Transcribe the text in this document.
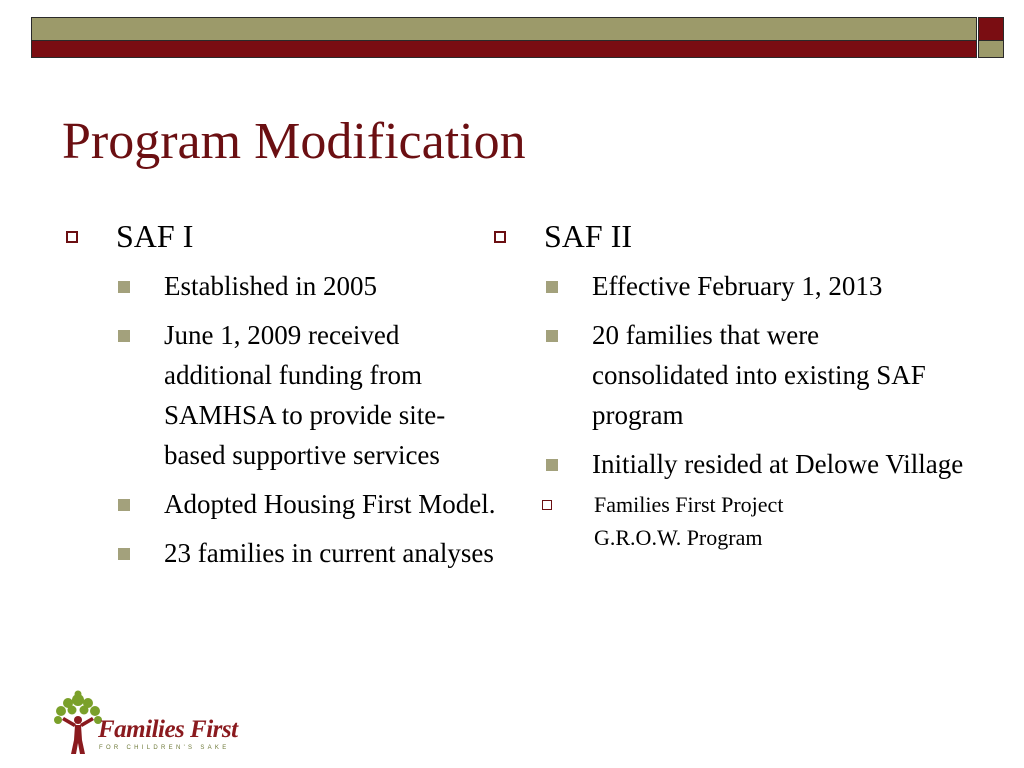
Program Modification
SAF I
Established in 2005
June 1, 2009 received additional funding from SAMHSA to provide site-based supportive services
Adopted Housing First Model.
23 families in current analyses
SAF II
Effective February 1, 2013
20 families that were consolidated into existing SAF program
Initially resided at Delowe Village
Families First Project G.R.O.W. Program
Families First
FOR CHILDREN'S SAKE
